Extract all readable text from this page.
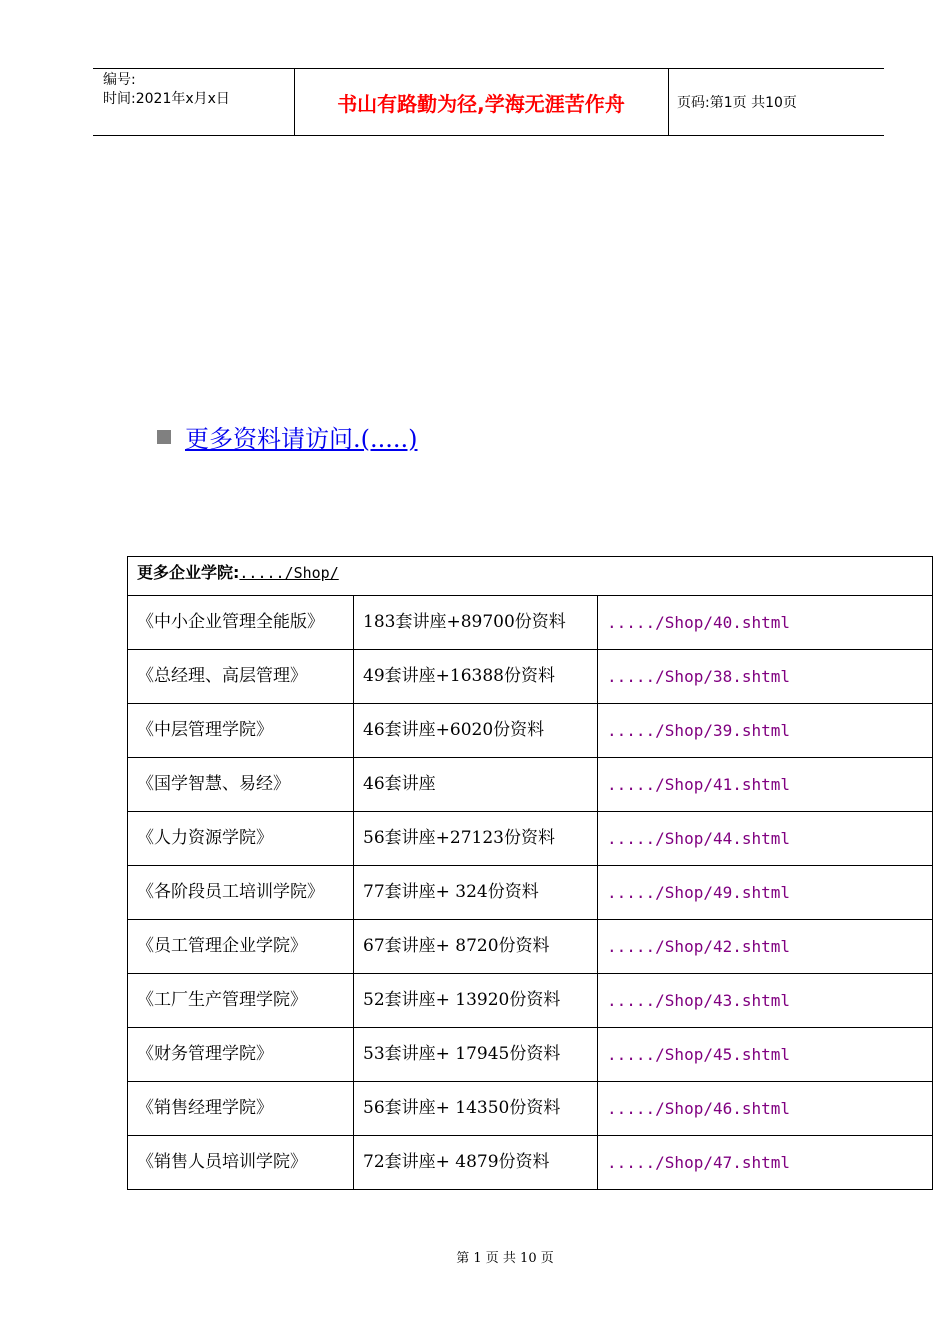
编号:
时间:2021年x月x日	书山有路勤为径,学海无涯苦作舟	页码:第1页 共10页
更多资料请访问.(.....)
更多企业学院:...../Shop/		
《中小企业管理全能版》	183套讲座+89700份资料	...../Shop/40.shtml
《总经理、高层管理》	49套讲座+16388份资料	...../Shop/38.shtml
《中层管理学院》	46套讲座+6020份资料	...../Shop/39.shtml
《国学智慧、易经》	46套讲座	...../Shop/41.shtml
《人力资源学院》	56套讲座+27123份资料	...../Shop/44.shtml
《各阶段员工培训学院》	77套讲座+ 324份资料	...../Shop/49.shtml
《员工管理企业学院》	67套讲座+ 8720份资料	...../Shop/42.shtml
《工厂生产管理学院》	52套讲座+ 13920份资料	...../Shop/43.shtml
《财务管理学院》	53套讲座+ 17945份资料	...../Shop/45.shtml
《销售经理学院》	56套讲座+ 14350份资料	...../Shop/46.shtml
《销售人员培训学院》	72套讲座+ 4879份资料	...../Shop/47.shtml
第 1 页 共 10 页
